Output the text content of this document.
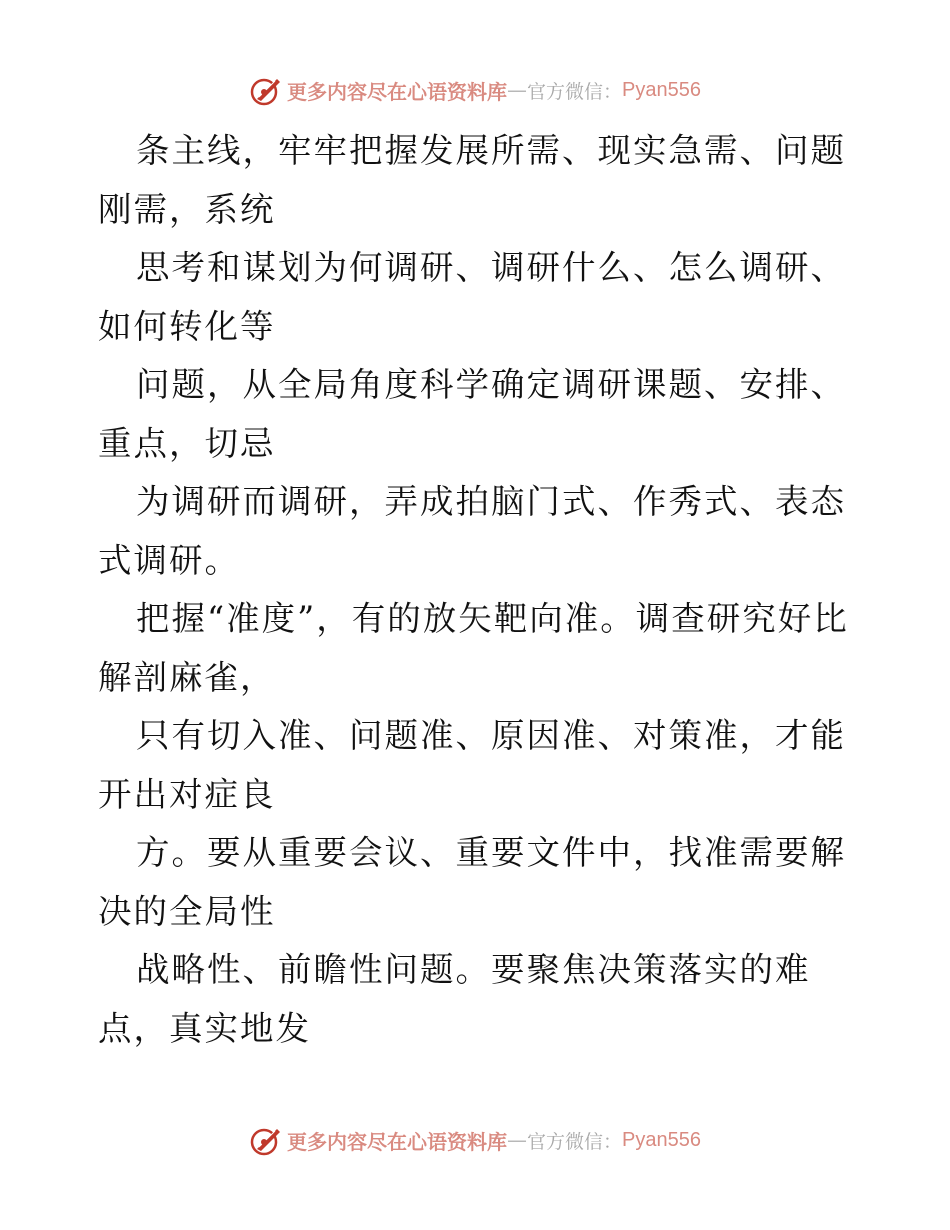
更多内容尽在心语资料库 — 官方微信： Pyan556

条主线，牢牢把握发展所需、现实急需、问题刚需，系统

思考和谋划为何调研、调研什么、怎么调研、如何转化等

问题，从全局角度科学确定调研课题、安排、重点，切忌

为调研而调研，弄成拍脑门式、作秀式、表态式调研。

把握“准度”，有的放矢靶向准。调查研究好比解剖麻雀，

只有切入准、问题准、原因准、对策准，才能开出对症良

方。要从重要会议、重要文件中，找准需要解决的全局性

战略性、前瞻性问题。要聚焦决策落实的难点，真实地发

更多内容尽在心语资料库 — 官方微信： Pyan556
